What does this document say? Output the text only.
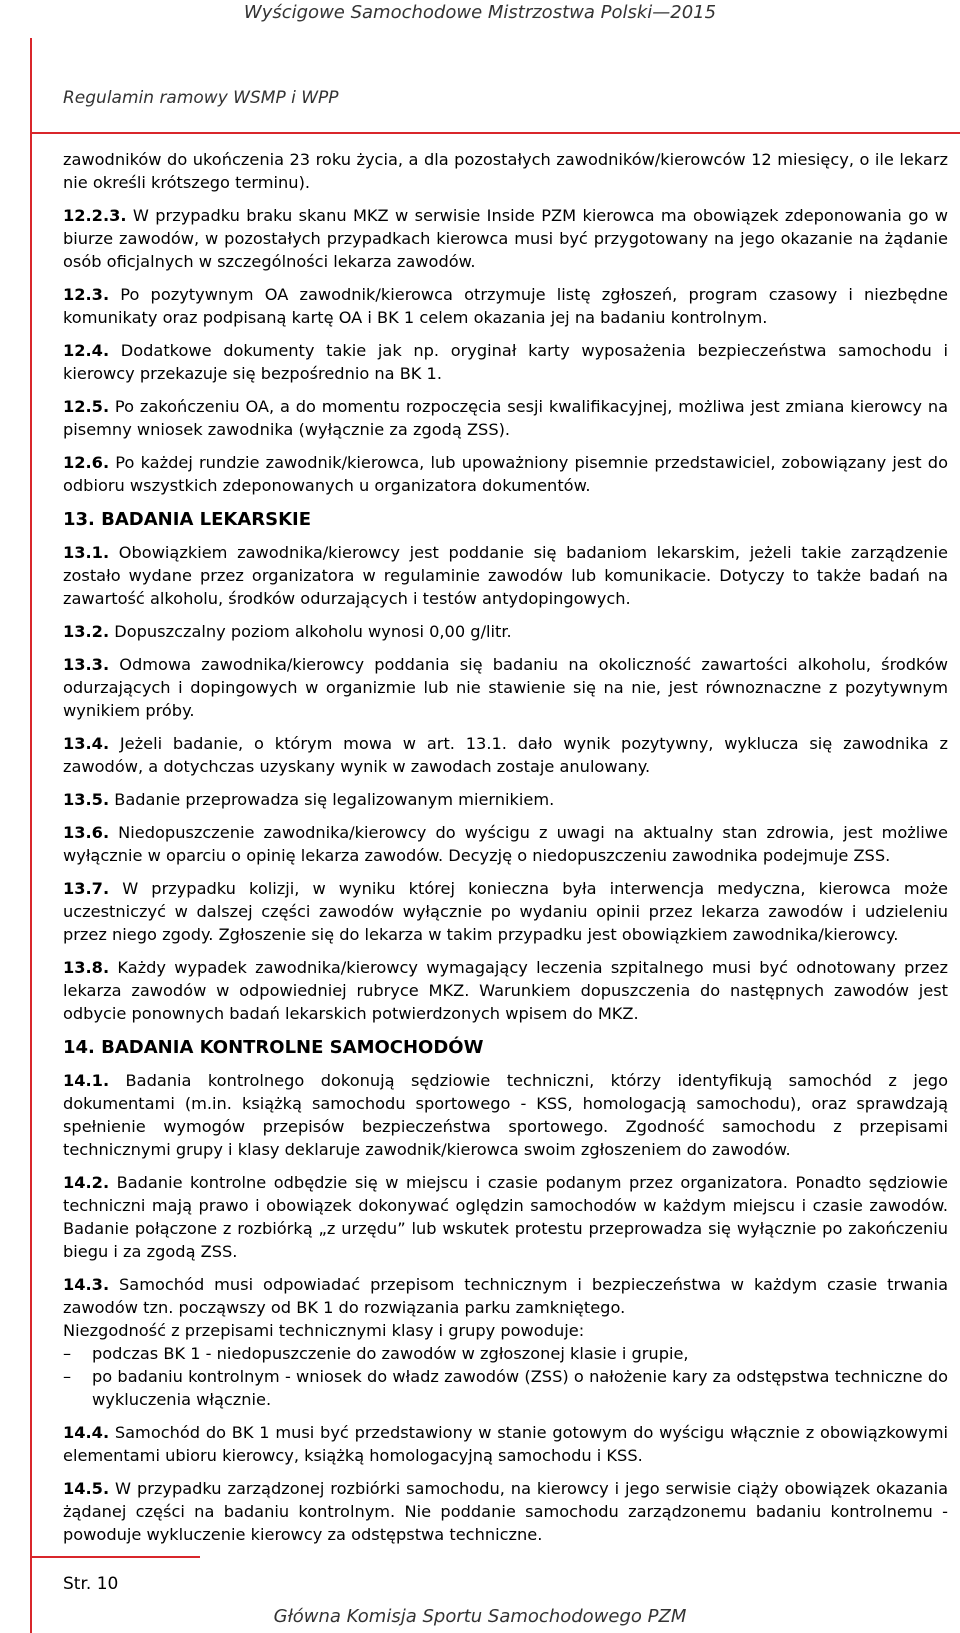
Wyścigowe Samochodowe Mistrzostwa Polski—2015
Regulamin ramowy WSMP i WPP

zawodników do ukończenia 23 roku życia, a dla pozostałych zawodników/kierowców 12 miesięcy, o ile lekarz nie określi krótszego terminu).

12.2.3. W przypadku braku skanu MKZ w serwisie Inside PZM kierowca ma obowiązek zdeponowania go w biurze zawodów, w pozostałych przypadkach kierowca musi być przygotowany na jego okazanie na żądanie osób oficjalnych w szczególności lekarza zawodów.

12.3. Po pozytywnym OA zawodnik/kierowca otrzymuje listę zgłoszeń, program czasowy i niezbędne komunikaty oraz podpisaną kartę OA i BK 1 celem okazania jej na badaniu kontrolnym.

12.4. Dodatkowe dokumenty takie jak np. oryginał karty wyposażenia bezpieczeństwa samochodu i kierowcy przekazuje się bezpośrednio na BK 1.

12.5. Po zakończeniu OA, a do momentu rozpoczęcia sesji kwalifikacyjnej, możliwa jest zmiana kierowcy na pisemny wniosek zawodnika (wyłącznie za zgodą ZSS).

12.6. Po każdej rundzie zawodnik/kierowca, lub upoważniony pisemnie przedstawiciel, zobowiązany jest do odbioru wszystkich zdeponowanych u organizatora dokumentów.

13. BADANIA LEKARSKIE

13.1. Obowiązkiem zawodnika/kierowcy jest poddanie się badaniom lekarskim, jeżeli takie zarządzenie zostało wydane przez organizatora w regulaminie zawodów lub komunikacie. Dotyczy to także badań na zawartość alkoholu, środków odurzających i testów antydopingowych.

13.2. Dopuszczalny poziom alkoholu wynosi 0,00 g/litr.

13.3. Odmowa zawodnika/kierowcy poddania się badaniu na okoliczność zawartości alkoholu, środków odurzających i dopingowych w organizmie lub nie stawienie się na nie, jest równoznaczne z pozytywnym wynikiem próby.

13.4. Jeżeli badanie, o którym mowa w art. 13.1. dało wynik pozytywny, wyklucza się zawodnika z zawodów, a dotychczas uzyskany wynik w zawodach zostaje anulowany.

13.5. Badanie przeprowadza się legalizowanym miernikiem.

13.6. Niedopuszczenie zawodnika/kierowcy do wyścigu z uwagi na aktualny stan zdrowia, jest możliwe wyłącznie w oparciu o opinię lekarza zawodów. Decyzję o niedopuszczeniu zawodnika podejmuje ZSS.

13.7. W przypadku kolizji, w wyniku której konieczna była interwencja medyczna, kierowca może uczestniczyć w dalszej części zawodów wyłącznie po wydaniu opinii przez lekarza zawodów i udzieleniu przez niego zgody. Zgłoszenie się do lekarza w takim przypadku jest obowiązkiem zawodnika/kierowcy.

13.8. Każdy wypadek zawodnika/kierowcy wymagający leczenia szpitalnego musi być odnotowany przez lekarza zawodów w odpowiedniej rubryce MKZ. Warunkiem dopuszczenia do następnych zawodów jest odbycie ponownych badań lekarskich potwierdzonych wpisem do MKZ.

14. BADANIA KONTROLNE SAMOCHODÓW

14.1. Badania kontrolnego dokonują sędziowie techniczni, którzy identyfikują samochód z jego dokumentami (m.in. książką samochodu sportowego - KSS, homologacją samochodu), oraz sprawdzają spełnienie wymogów przepisów bezpieczeństwa sportowego. Zgodność samochodu z przepisami technicznymi grupy i klasy deklaruje zawodnik/kierowca swoim zgłoszeniem do zawodów.

14.2. Badanie kontrolne odbędzie się w miejscu i czasie podanym przez organizatora. Ponadto sędziowie techniczni mają prawo i obowiązek dokonywać oględzin samochodów w każdym miejscu i czasie zawodów. Badanie połączone z rozbiórką „z urzędu” lub wskutek protestu przeprowadza się wyłącznie po zakończeniu biegu i za zgodą ZSS.

14.3. Samochód musi odpowiadać przepisom technicznym i bezpieczeństwa w każdym czasie trwania zawodów tzn. począwszy od BK 1 do rozwiązania parku zamkniętego.

Niezgodność z przepisami technicznymi klasy i grupy powoduje:

– podczas BK 1 - niedopuszczenie do zawodów w zgłoszonej klasie i grupie,
– po badaniu kontrolnym - wniosek do władz zawodów (ZSS) o nałożenie kary za odstępstwa techniczne do wykluczenia włącznie.

14.4. Samochód do BK 1 musi być przedstawiony w stanie gotowym do wyścigu włącznie z obowiązkowymi elementami ubioru kierowcy, książką homologacyjną samochodu i KSS.

14.5. W przypadku zarządzonej rozbiórki samochodu, na kierowcy i jego serwisie ciąży obowiązek okazania żądanej części na badaniu kontrolnym. Nie poddanie samochodu zarządzonemu badaniu kontrolnemu - powoduje wykluczenie kierowcy za odstępstwa techniczne.

Str. 10
Główna Komisja Sportu Samochodowego PZM
